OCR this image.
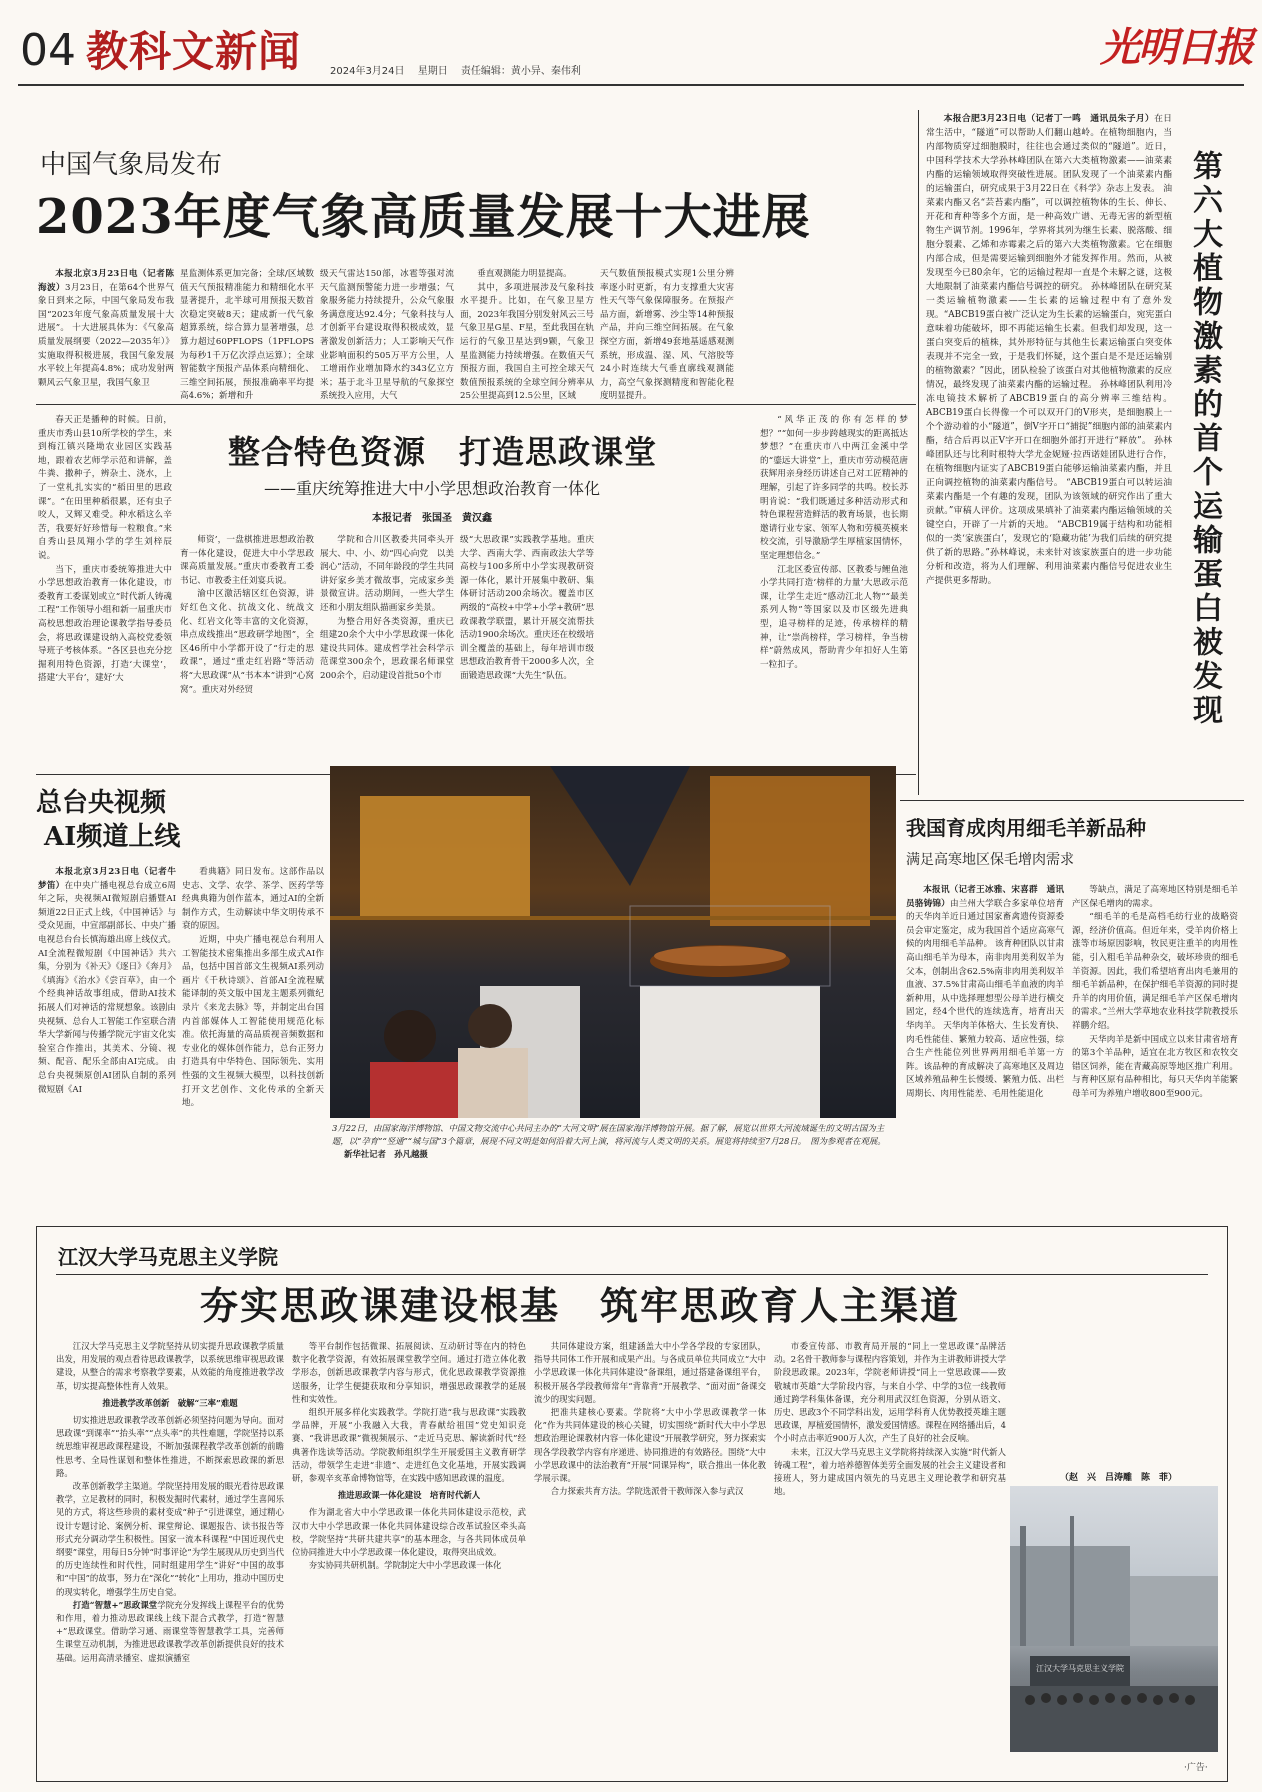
04 教科文新闻	2024年3月24日 星期日 责任编辑：黄小异、秦伟利
光明日报
中国气象局发布
2023年度气象高质量发展十大进展

本报北京3月23日电（记者陈海波）3月23日，在第64个世界气象日到来之际，中国气象局发布我国“2023年度气象高质量发展十大进展”。 十大进展具体为：《气象高质量发展纲要（2022—2035年）》实施取得积极进展，我国气象发展水平较上年提高4.8%；成功发射两颗风云气象卫星，我国气象卫

星监测体系更加完备；全球/区域数值天气预报精准能力和精细化水平显著提升，北半球可用预报天数首次稳定突破8天；建成新一代气象超算系统，综合算力显著增强，总算力超过60PFLOPS（1PFLOPS为每秒1千万亿次浮点运算）；全球智能数字预报产品体系向精细化、三维空间拓展，预报准确率平均提高4.6%；新增和升
级天气雷达150部，冰雹等强对流天气监测预警能力进一步增强；气象服务能力持续提升，公众气象服务满意度达92.4分；气象科技与人才创新平台建设取得积极成效，显著激发创新活力；人工影响天气作业影响面积约505万平方公里，人工增雨作业增加降水约343亿立方米；基于北斗卫星导航的气象探空系统投入应用，大气

垂直观测能力明显提高。

其中，多项进展涉及气象科技水平提升。比如，在气象卫星方面，2023年我国分别发射风云三号气象卫星G星、F星，至此我国在轨运行的气象卫星达到9颗，气象卫星监测能力持续增强。在数值天气预报方面，我国自主可控全球天气数值预报系统的全球空间分辨率从25公里提高到12.5公里，区域

天气数值预报模式实现1公里分辨率逐小时更新，有力支撑重大灾害性天气等气象保障服务。在预报产品方面，新增雾、沙尘等14种预报产品，并向三维空间拓展。在气象探空方面，新增49套地基遥感观测系统，形成温、湿、风、气溶胶等24小时连续大气垂直廓线观测能力，高空气象探测精度和智能化程度明显提升。

本报合肥3月23日电（记者丁一鸣　通讯员朱子月）在日常生活中，“隧道”可以帮助人们翻山越岭。在植物细胞内，当内部物质穿过细胞膜时，往往也会通过类似的“隧道”。近日，中国科学技术大学孙林峰团队在第六大类植物激素——油菜素内酯的运输领域取得突破性进展。团队发现了一个油菜素内酯的运输蛋白，研究成果于3月22日在《科学》杂志上发表。 油菜素内酯又名“芸苔素内酯”，可以调控植物体的生长、伸长、开花和育种等多个方面，是一种高效广谱、无毒无害的新型植物生产调节剂。1996年，学界将其列为继生长素、脱落酸、细胞分裂素、乙烯和赤霉素之后的第六大类植物激素。它在细胞内部合成，但是需要运输到细胞外才能发挥作用。然而，从被发现至今已80余年，它的运输过程却一直是个未解之谜，这极大地限制了油菜素内酯信号调控的研究。 孙林峰团队在研究某一类运输植物激素——生长素的运输过程中有了意外发现。“ABCB19蛋白被广泛认定为生长素的运输蛋白，宛宪蛋白意味着功能破坏，即不再能运输生长素。但我们却发现，这一蛋白突变后的植株，其外形特征与其他生长素运输蛋白突变体表现并不完全一致，于是我们怀疑，这个蛋白是不是还运输别的植物激素？”因此，团队检验了该蛋白对其他植物激素的反应情况，最终发现了油菜素内酯的运输过程。 孙林峰团队利用冷冻电镜技术解析了ABCB19蛋白的高分辨率三维结构。ABCB19蛋白长得像一个可以双开门的V形夹，是细胞膜上一个个游动着的小“隧道”，倒V字开口“捕捉”细胞内部的油菜素内酯，结合后再以正V字开口在细胞外部打开进行“释放”。 孙林峰团队还与比利时根特大学尤金妮娅·拉西诺娃团队进行合作，在植物细胞内证实了ABCB19蛋白能够运输油菜素内酯，并且正向调控植物的油菜素内酯信号。 “ABCB19蛋白可以转运油菜素内酯是一个有趣的发现，团队为该领域的研究作出了重大贡献。”审稿人评价。这项成果填补了油菜素内酯运输领域的关键空白，开辟了一片新的天地。 “ABCB19属于结构和功能相似的一类‘家族蛋白’，发现它的‘隐藏功能’为我们后续的研究提供了新的思路。”孙林峰说，未来针对该家族蛋白的进一步功能分析和改造，将为人们理解、利用油菜素内酯信号促进农业生产提供更多帮助。	第六大植物激素的首个运输蛋白被发现

春天正是播种的时候。日前，重庆市秀山县10所学校的学生，来到梅江镇兴隆坳农业园区实践基地，跟着农艺师学示范和讲解，盖牛粪、撒种子，辨杂土、浇水，上了一堂札扎实实的“稻田里的思政课”。“在田里种稻很累，还有虫子咬人，又辉又难受。种水稻这么辛苦，我要好好珍惜每一粒粮食。”来自秀山县凤翔小学的学生刘梓辰说。

当下，重庆市委统筹推进大中小学思想政治教育一体化建设，市委教育工委谋划或立“时代新人铸魂工程”工作领导小组和新一届重庆市高校思想政治理论课教学指导委员会，将思政课建设纳入高校党委领导班子考核体系。“各区县也充分挖掘利用特色资源，打造‘大课堂’，搭建‘大平台’，建好‘大

整合特色资源　打造思政课堂
——重庆统筹推进大中小学思想政治教育一体化
本报记者　张国圣　黄汉鑫

师资’，一盘棋推进思想政治教育一体化建设，促进大中小学思政课高质量发展。”重庆市委教育工委书记、市教委主任刘宴兵说。

渝中区激活辖区红色资源，讲好红色文化、抗战文化、统战文化、红岩文化等丰富的文化资源，串点成线推出“思政研学地图”，全区46所中小学都开设了“行走的思政课”，通过“重走红岩路”等活动将“大思政课”从“书本本”讲到“心窝窝”。重庆对外经贸

学院和合川区教委共同牵头开展大、中、小、幼“四心向党　以美润心”活动，不同年龄段的学生共同讲好家乡美才微故事，完成家乡美景微宣讲。活动期间，一些大学生还和小朋友组队描画家乡美景。

为整合用好各类资源，重庆已组建20余个大中小学思政课一体化建设共同体。建成哲学社会科学示范课堂300余个，思政课名师课堂200余个，启动建设首批50个市

级“大思政课”实践教学基地。重庆大学、西南大学、西南政法大学等高校与100多所中小学实现教研资源一体化，累计开展集中教研、集体研讨活动200余场次。覆盖市区两级的“高校+中学+小学+教研”思政课教学联盟，累计开展交流帮扶活动1900余场次。重庆还在校级培训全覆盖的基础上，每年培训市级思想政治教育骨干2000多人次，全面锻造思政课“大先生”队伍。

“风华正茂的你有怎样的梦想？”“如何一步步跨越现实的距离抵达梦想？”在重庆市八中两江金溪中学的“鎏远大讲堂”上，重庆市劳动模范唐获辉用亲身经历讲述自己对工匠精神的理解，引起了许多同学的共鸣。校长苏明肯说：“我们既通过多种活动形式和特色课程营造鲜活的教育场景，也长期邀请行业专家、领军人物和劳模英模来校交流，引导激励学生厚植家国情怀，坚定理想信念。”

江北区委宣传部、区教委与鲤鱼池小学共同打造‘榜样的力量’大思政示范课，让学生走近“感动江北人物”“最美系列人物”等国家以及市区级先进典型，追寻榜样的足迹，传承榜样的精神，让“崇尚榜样，学习榜样，争当榜样”蔚然成风，帮助青少年扣好人生第一粒扣子。

总台央视频
AI频道上线

本报北京3月23日电（记者牛梦笛）在中央广播电视总台成立6周年之际，央视频AI微短剧启播暨AI频道22日正式上线，《中国神话》与受众见面，中宣部副部长、中央广播电视总台台长慎海雄出席上线仪式。 AI全流程微短剧《中国神话》共六集，分别为《补天》《逐日》《奔月》《填海》《治水》《尝百草》，由一个个经典神话故事组成，借助AI技术拓展人们对神话的常规想象。该剧由央视频、总台人工智能工作室联合清华大学新闻与传播学院元宇宙文化实验室合作推出，其美术、分镜、视频、配音、配乐全部由AI完成。 由总台央视频原创AI团队自制的系列微短剧《AI

看典籍》同日发布。这部作品以史志、文学、农学、茶学、医药学等经典典籍为创作蓝本，通过AI的全新制作方式，生动解读中华文明传承不衰的原因。

近期，中央广播电视总台利用人工智能技术密集推出多部生成式AI作品，包括中国首部文生视频AI系列动画片《千秋诗颂》、首部AI全流程赋能译制的英文版中国龙主题系列微纪录片《来龙去脉》等，并制定出台国内首部媒体人工智能使用规范化标准。依托海量的高品质视音频数据和专业化的媒体创作能力，总台正努力打造具有中华特色、国际领先、实用性强的文生视频大模型，以科技创新打开文艺创作、文化传承的全新天地。

3月22日，由国家海洋博物馆、中国文物交流中心共同主办的“大河文明”展在国家海洋博物馆开展。据了解，展览以世界大河流域诞生的文明古国为主题，以“孕育”“竖通”“城与国”3个篇章，展现不同文明是如何沿着大河上演，将河流与人类文明的关系。展览将持续至7月28日。　图为参观者在观展。 新华社记者　孙凡越摄
我国育成肉用细毛羊新品种
满足高寒地区保毛增肉需求

本报讯（记者王冰雅、宋喜群　通讯员骆铸锦）由兰州大学联合多家单位培育的天华肉羊近日通过国家畜禽遗传资源委员会审定鉴定，成为我国首个适应高寒气候的肉用细毛羊品种。 该育种团队以甘肃高山细毛羊为母本，南非肉用美利奴羊为父本，创制出含62.5%南非肉用美利奴羊血液、37.5%甘肃高山细毛羊血液的肉羊新种用，从中选择理想型公母羊进行横交固定，经4个世代的连续选育，培育出天华肉羊。 天华肉羊体格大、生长发育快、肉毛性能佳、繁殖力较高、适应性强，综合生产性能位列世界两用细毛羊第一方阵。该品种的育成解决了高寒地区及周边区域养殖品种生长慢缓、繁殖力低、出栏周期长、肉用性能差、毛用性能退化

等缺点，满足了高寒地区特别是细毛羊产区保毛增肉的需求。

“细毛羊的毛是高档毛纺行业的战略资源，经济价值高。但近年来，受羊肉价格上涨等市场原因影响，牧民更注重羊的肉用性能，引入粗毛羊品种杂交，破坏珍贵的细毛羊资源。因此，我们希望培育出肉毛兼用的细毛羊新品种，在保护细毛羊资源的同时提升羊的肉用价值，满足细毛羊产区保毛增肉的需求。”兰州大学草地农业科技学院教授乐祥鹏介绍。

天华肉羊是新中国成立以来甘肃省培育的第3个羊品种，适宜在北方牧区和农牧交错区饲养，能在青藏高原等地区推广利用。与育种区原有品种相比，每只天华肉羊能繁母羊可为养殖户增收800至900元。

江汉大学马克思主义学院
夯实思政课建设根基　筑牢思政育人主渠道

江汉大学马克思主义学院坚持从切实提升思政课教学质量出发，用发展的观点看待思政课教学，以系统思维审视思政课建设，从整合的需求考察教学要素，从效能的角度推进教学改革，切实提高整体性育人效果。

推进教学改革创新　破解“三率”难题

切实推进思政课教学改革创新必须坚持问题为导向。面对思政课“到课率”“抬头率”“点头率”的共性难题，学院坚持以系统思维审视思政课程建设，不断加强课程教学改革创新的前瞻性思考、全局性谋划和整体性推进，不断探索思政课的新思路。

改革创新教学主渠道。学院坚持用发展的眼光看待思政课教学，立足教材的同时，积极发掘时代素材，通过学生喜闻乐见的方式，将这些珍贵的素材变成“种子”引进课堂，通过精心设计专题讨论、案例分析、课堂辩论、课题报告、读书报告等形式充分调动学生积极性。国家一流本科课程“中国近现代史纲要”课堂，用每日5分钟“时事评论”为学生展现从历史到当代的历史连续性和时代性，同时组建用学生“讲好”中国的故事和“中国”的故事，努力在“深化”“转化”上用功，推动中国历史的现实转化，增强学生历史自觉。

打造“智慧+”思政课堂学院充分发挥线上课程平台的优势和作用，着力推动思政课线上线下混合式教学，打造“智慧+”思政课堂。借助学习通、雨课堂等智慧教学工具，完善师生课堂互动机制，为推进思政课教学改革创新提供良好的技术基础。运用高清录播室、虚拟演播室

等平台制作包括微课、拓展阅读、互动研讨等在内的特色数字化教学资源，有效拓展课堂教学空间。通过打造立体化教学形态，创新思政课教学内容与形式，优化思政课教学资源推送服务，让学生便捷获取和分享知识，增强思政课教学的延展性和实效性。

组织开展多样化实践教学。学院打造“我与思政课”实践教学品牌，开展“小我融入大我，青春献给祖国”党史知识竞赛、“我讲思政课”微视频展示、“走近马克思、解读新时代”经典著作选读等活动。学院教师组织学生开展爱国主义教育研学活动，带领学生走进“非遗”、走进红色文化基地，开展实践调研，参观辛亥革命博物馆等，在实践中感知思政课的温度。

推进思政课一体化建设　培育时代新人

作为湖北省大中小学思政课一体化共同体建设示范校，武汉市大中小学思政课一体化共同体建设综合改革试验区牵头高校，学院坚持“共研共建共享”的基本理念，与各共同体成员单位协同推进大中小学思政课一体化建设，取得突出成效。

夯实协同共研机制。学院制定大中小学思政课一体化

共同体建设方案，组建涵盖大中小学各学段的专家团队，指导共同体工作开展和成果产出。与各成员单位共同成立“大中小学思政课一体化共同体建设”备课组，通过搭建备课组平台，积极开展各学段教师常年“背靠背”开展教学、“面对面”备课交流少的现实问题。

把准共建核心要素。学院将“大中小学思政课教学一体化”作为共同体建设的核心关键，切实围绕“新时代大中小学思想政治理论课教材内容一体化建设”开展教学研究，努力探索实现各学段教学内容有序递进、协同推进的有效路径。围绕“大中小学思政课中的法治教育”开展“同课异构”，联合推出一体化教学展示课。

合力探索共育方法。学院选派骨干教师深入参与武汉

市委宣传部、市教育局开展的“同上一堂思政课”品牌活动。2名骨干教师参与课程内容策划，并作为主讲教师讲授大学阶段思政课。2023年，学院老师讲授“同上一堂思政课——致敬城市英雄”大学阶段内容，与来自小学、中学的3位一线教师通过跨学科集体备课，充分利用武汉红色资源，分别从语文、历史、思政3个不同学科出发，运用学科育人优势教授英雄主题思政课，厚植爱国情怀，激发爱国情感。课程在网络播出后，4个小时点击率近900万人次，产生了良好的社会反响。

未来，江汉大学马克思主义学院将持续深入实施“时代新人铸魂工程”，着力培养德智体美劳全面发展的社会主义建设者和接班人，努力建成国内领先的马克思主义理论教学和研究基地。

（赵　兴　吕涛雕　陈　菲）
江汉大学马克思主义学院
·广告·
